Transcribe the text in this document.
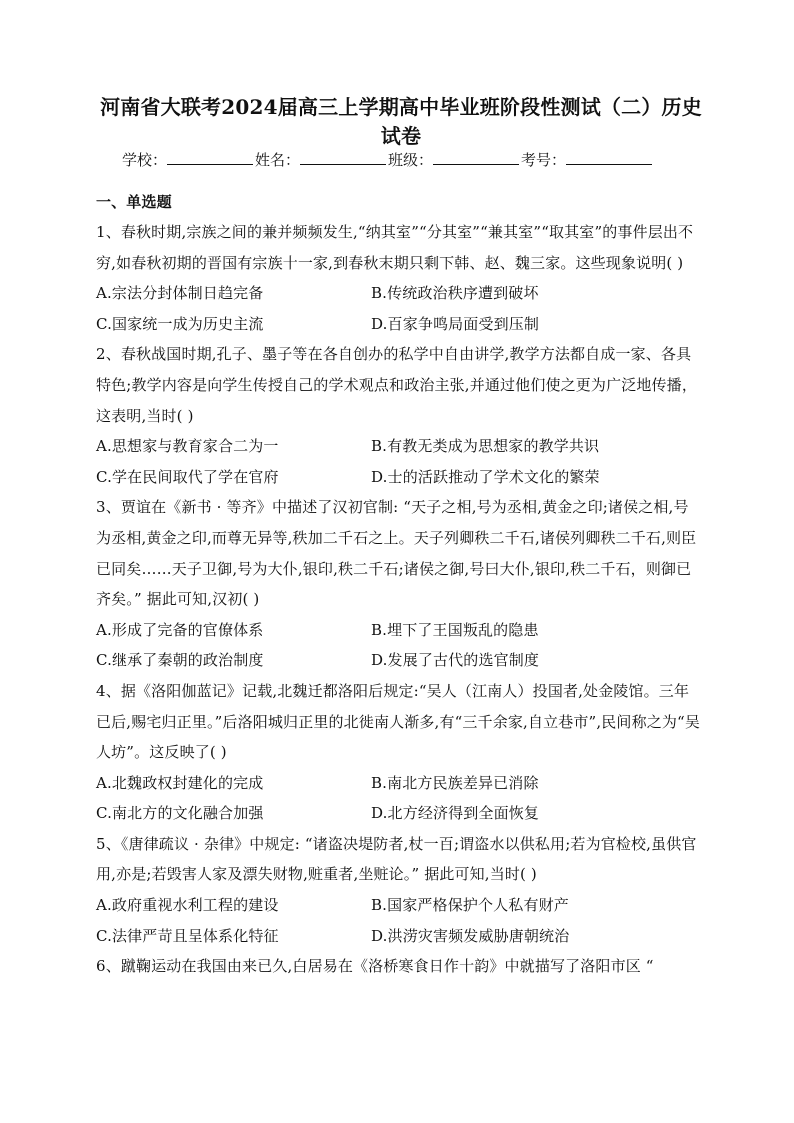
河南省大联考2024届高三上学期高中毕业班阶段性测试（二）历史试卷
学校：	姓名：	班级：	考号：
一、单选题

1、春秋时期,宗族之间的兼并频频发生,“纳其室”“分其室”“兼其室”“取其室”的事件层出不穷,如春秋初期的晋国有宗族十一家,到春秋末期只剩下韩、赵、魏三家。这些现象说明( )

A.宗法分封体制日趋完备	B.传统政治秩序遭到破坏
C.国家统一成为历史主流	D.百家争鸣局面受到压制

2、春秋战国时期,孔子、墨子等在各自创办的私学中自由讲学,教学方法都自成一家、各具特色;教学内容是向学生传授自己的学术观点和政治主张,并通过他们使之更为广泛地传播，这表明,当时( )

A.思想家与教育家合二为一	B.有教无类成为思想家的教学共识
C.学在民间取代了学在官府	D.士的活跃推动了学术文化的繁荣

3、贾谊在《新书 · 等齐》中描述了汉初官制: “天子之相,号为丞相,黄金之印;诸侯之相,号为丞相,黄金之印,而尊无异等,秩加二千石之上。天子列卿秩二千石,诸侯列卿秩二千石,则臣已同矣……天子卫御,号为大仆,银印,秩二千石;诸侯之御,号曰大仆,银印,秩二千石，则御已齐矣。” 据此可知,汉初( )

A.形成了完备的官僚体系	B.埋下了王国叛乱的隐患
C.继承了秦朝的政治制度	D.发展了古代的选官制度

4、据《洛阳伽蓝记》记载,北魏迁都洛阳后规定:“吴人（江南人）投国者,处金陵馆。三年已后,赐宅归正里。”后洛阳城归正里的北徙南人渐多,有“三千余家,自立巷市”,民间称之为“吴人坊”。这反映了( )

A.北魏政权封建化的完成	B.南北方民族差异已消除
C.南北方的文化融合加强	D.北方经济得到全面恢复

5、《唐律疏议 · 杂律》中规定: “诸盗决堤防者,杖一百;谓盗水以供私用;若为官检校,虽供官用,亦是;若毁害人家及漂失财物,赃重者,坐赃论。” 据此可知,当时( )

A.政府重视水利工程的建设	B.国家严格保护个人私有财产
C.法律严苛且呈体系化特征	D.洪涝灾害频发威胁唐朝统治

6、蹴鞠运动在我国由来已久,白居易在《洛桥寒食日作十韵》中就描写了洛阳市区 “
